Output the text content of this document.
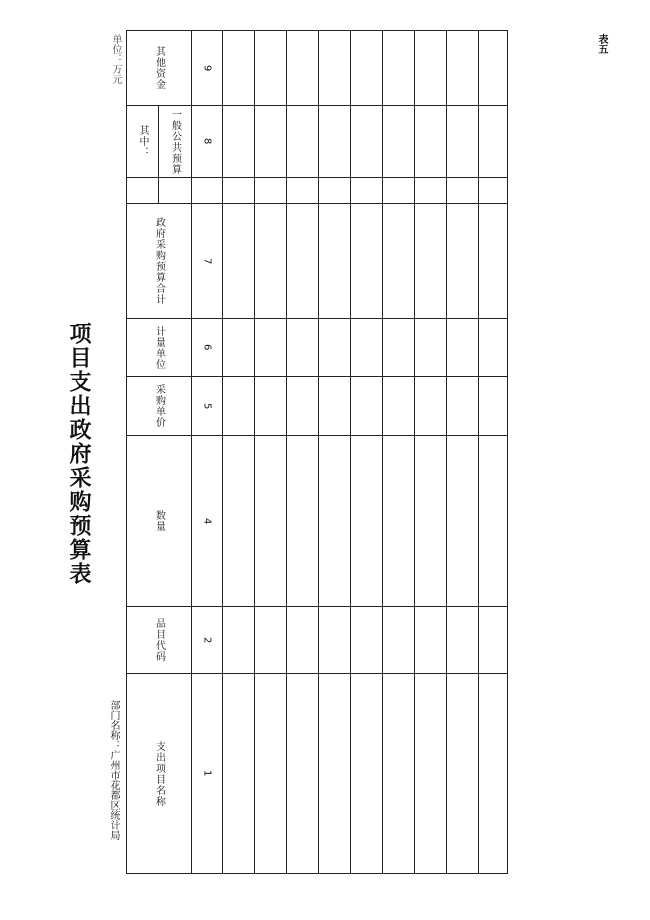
表五
单位：万元
项目支出政府采购预算表
部门名称：广州市花都区统计局
其他资金
其中： 一般公共预算
政府采购预算合计
计量单位
采购单价
数量
品目代码
支出项目名称
9
8
7
6
5
4
2
1
